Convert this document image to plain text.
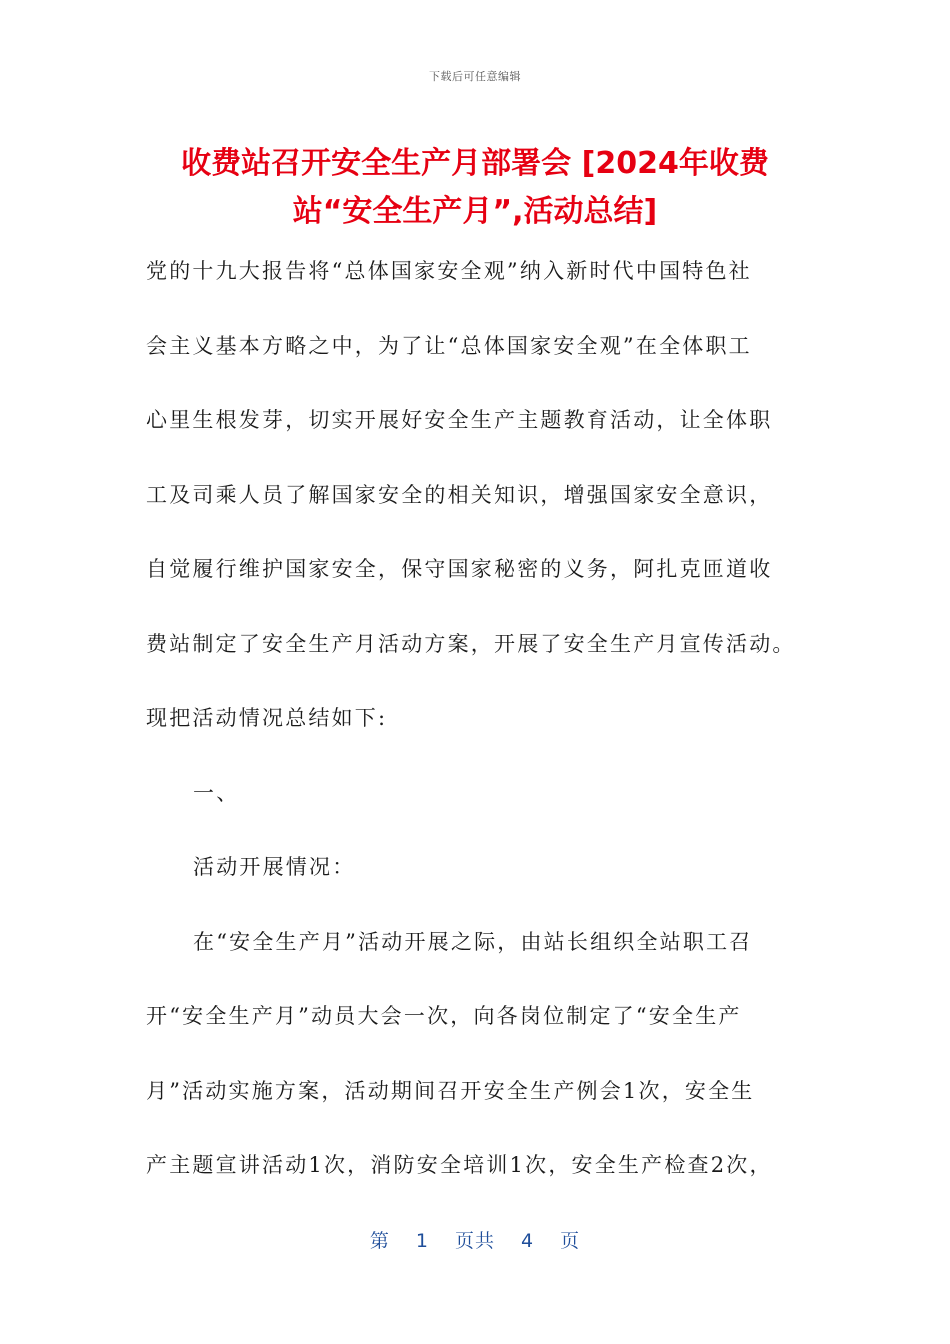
下载后可任意编辑
收费站召开安全生产月部署会 [2024年收费
站“安全生产月”,活动总结]
党的十九大报告将“总体国家安全观”纳入新时代中国特色社
会主义基本方略之中，为了让“总体国家安全观”在全体职工
心里生根发芽，切实开展好安全生产主题教育活动，让全体职
工及司乘人员了解国家安全的相关知识，增强国家安全意识，
自觉履行维护国家安全，保守国家秘密的义务，阿扎克匝道收
费站制定了安全生产月活动方案，开展了安全生产月宣传活动。
现把活动情况总结如下:
一、
活动开展情况：
在“安全生产月”活动开展之际，由站长组织全站职工召
开“安全生产月”动员大会一次，向各岗位制定了“安全生产
月”活动实施方案，活动期间召开安全生产例会1次，安全生
产主题宣讲活动1次，消防安全培训1次，安全生产检查2次，
第 1 页共 4 页
